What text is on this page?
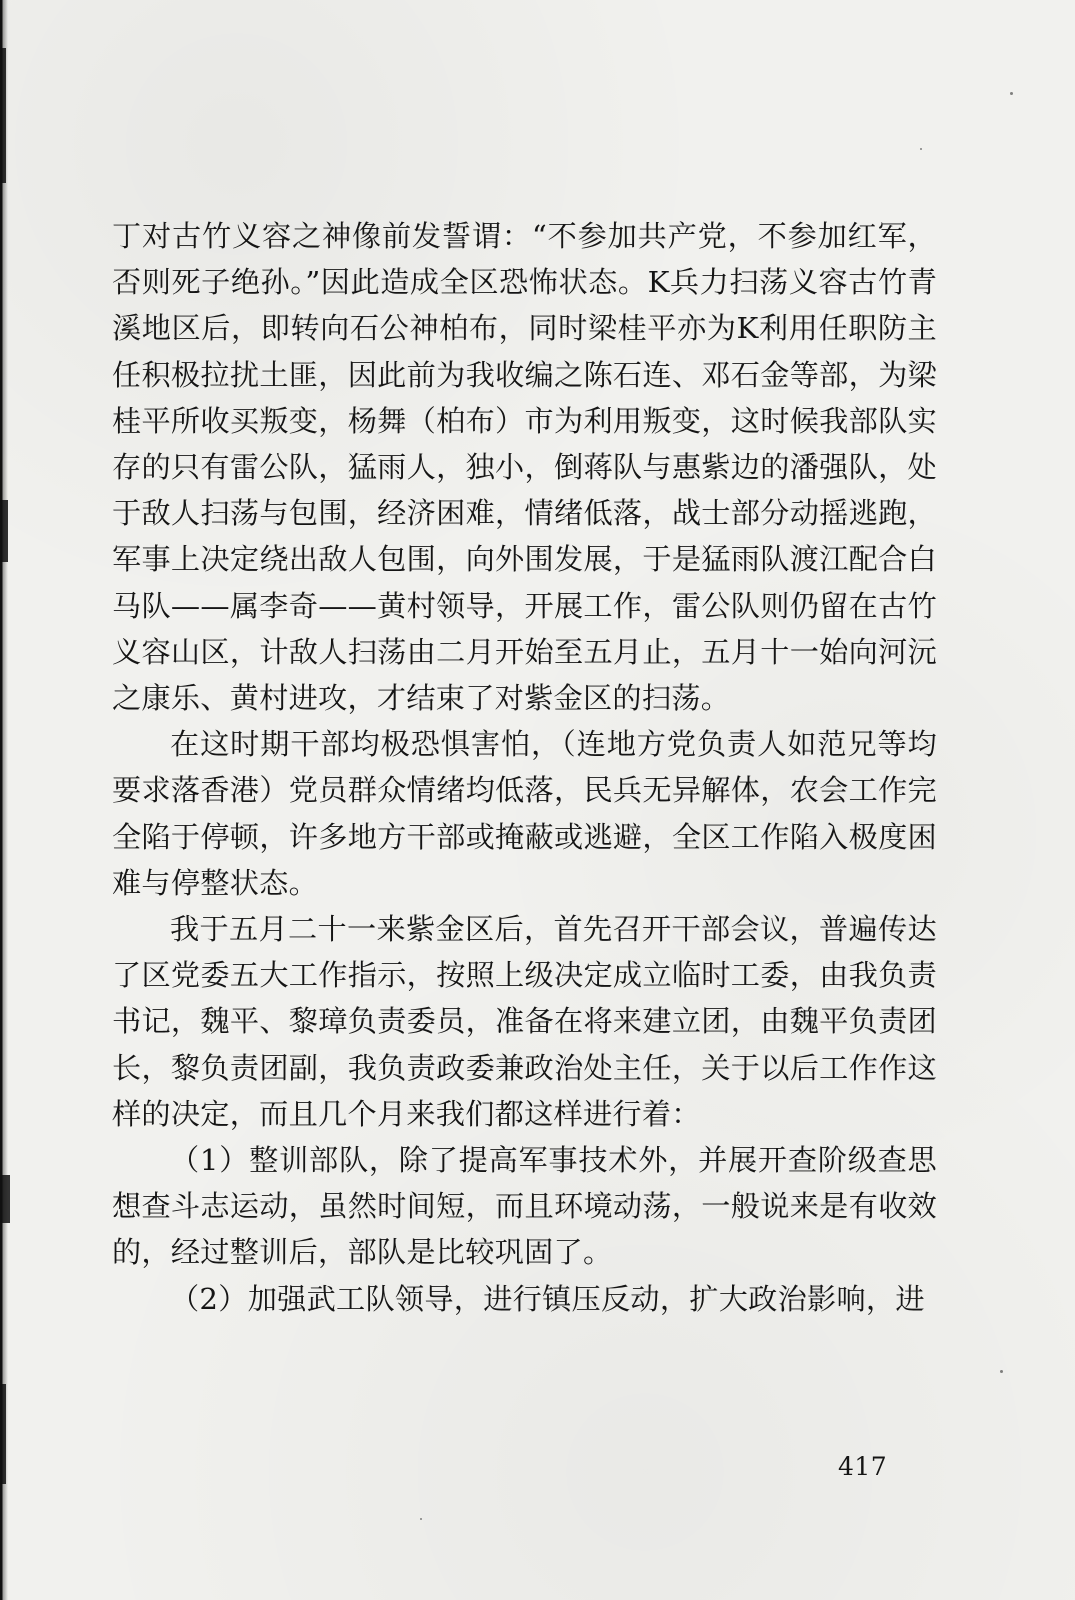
丁对古竹义容之神像前发誓谓：“不参加共产党，不参加红军，否则死子绝孙。”因此造成全区恐怖状态。K兵力扫荡义容古竹青溪地区后，即转向石公神柏布，同时梁桂平亦为K利用任职防主任积极拉扰土匪，因此前为我收编之陈石连、邓石金等部，为梁桂平所收买叛变，杨舞（柏布）市为利用叛变，这时候我部队实存的只有雷公队，猛雨人，独小，倒蒋队与惠紫边的潘强队，处于敌人扫荡与包围，经济困难，情绪低落，战士部分动摇逃跑，军事上决定绕出敌人包围，向外围发展，于是猛雨队渡江配合白马队——属李奇——黄村领导，开展工作，雷公队则仍留在古竹义容山区，计敌人扫荡由二月开始至五月止，五月十一始向河沅之康乐、黄村进攻，才结束了对紫金区的扫荡。

在这时期干部均极恐惧害怕，（连地方党负责人如范兄等均要求落香港）党员群众情绪均低落，民兵无异解体，农会工作完全陷于停顿，许多地方干部或掩蔽或逃避，全区工作陷入极度困难与停整状态。

我于五月二十一来紫金区后，首先召开干部会议，普遍传达了区党委五大工作指示，按照上级决定成立临时工委，由我负责书记，魏平、黎璋负责委员，准备在将来建立团，由魏平负责团长，黎负责团副，我负责政委兼政治处主任，关于以后工作作这样的决定，而且几个月来我们都这样进行着：

（1）整训部队，除了提高军事技术外，并展开查阶级查思想查斗志运动，虽然时间短，而且环境动荡，一般说来是有收效的，经过整训后，部队是比较巩固了。

（2）加强武工队领导，进行镇压反动，扩大政治影响，进

417
